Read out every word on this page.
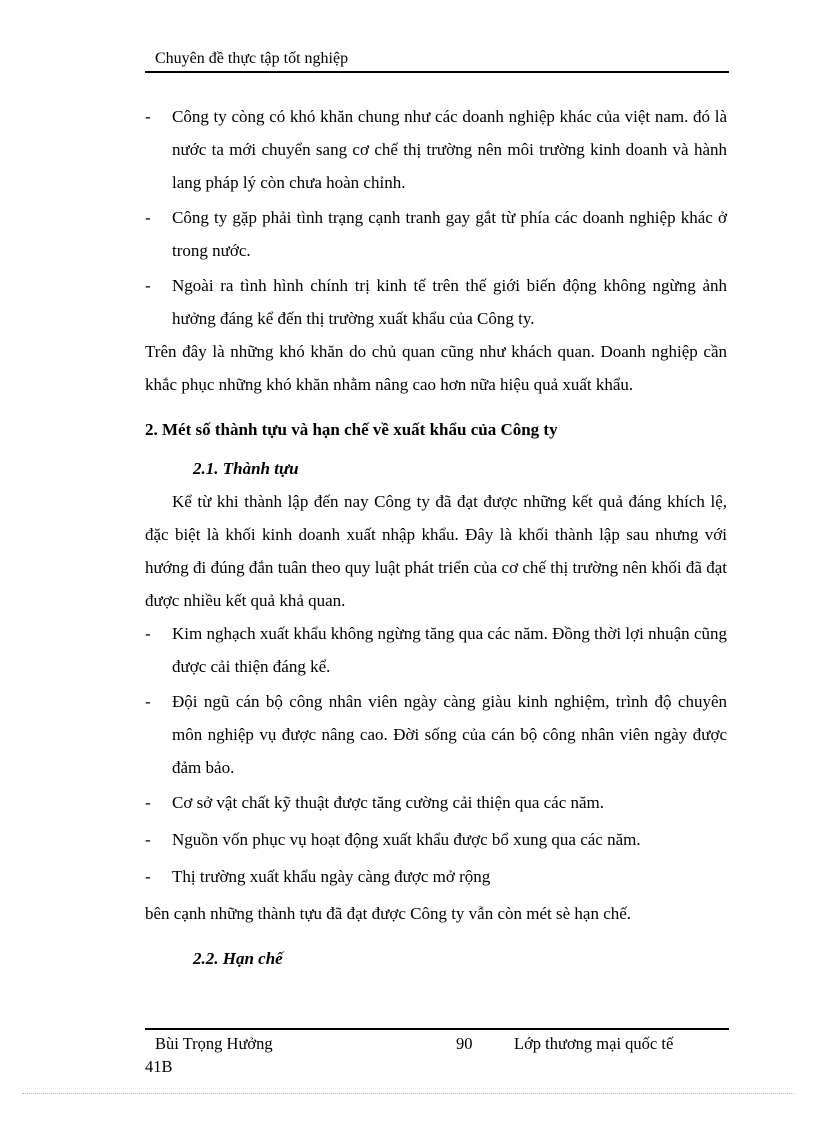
Chuyên đề thực tập tốt nghiệp
- Công ty còng có khó khăn chung như các doanh nghiệp khác của việt nam. đó là nước ta mới chuyển sang cơ chế thị trường nên môi trường kinh doanh và hành lang pháp lý còn chưa hoàn chỉnh.
- Công ty gặp phải tình trạng cạnh tranh gay gắt từ phía các doanh nghiệp khác ở trong nước.
- Ngoài ra tình hình chính trị kinh tế trên thế giới biến động không ngừng ảnh hưởng đáng kể đến thị trường xuất khẩu của Công ty.
Trên đây là những khó khăn do chủ quan cũng như khách quan. Doanh nghiệp cần khắc phục những khó khăn nhằm nâng cao hơn nữa hiệu quả xuất khẩu.
2. Mét số thành tựu và hạn chế về xuất khẩu của Công ty
2.1. Thành tựu
Kể từ khi thành lập đến nay Công ty đã đạt được những kết quả đáng khích lệ, đặc biệt là khối kinh doanh xuất nhập khẩu. Đây là khối thành lập sau nhưng với hướng đi đúng đắn tuân theo quy luật phát triển của cơ chế thị trường nên khối đã đạt được nhiều kết quả khả quan.
- Kim nghạch xuất khẩu không ngừng tăng qua các năm. Đồng thời lợi nhuận cũng được cải thiện đáng kể.
- Đội ngũ cán bộ công nhân viên ngày càng giàu kinh nghiệm, trình độ chuyên môn nghiệp vụ được nâng cao. Đời sống của cán bộ công nhân viên ngày được đảm bảo.
- Cơ sở vật chất kỹ thuật được tăng cường cải thiện qua các năm.
- Nguồn vốn phục vụ hoạt động xuất khẩu được bổ xung qua các năm.
- Thị trường xuất khẩu ngày càng được mở rộng
bên cạnh những thành tựu đã đạt được Công ty vẫn còn mét sè hạn chế.
2.2. Hạn chế
Bùi Trọng Hưởng	90	Lớp thương mại quốc tế
41B
